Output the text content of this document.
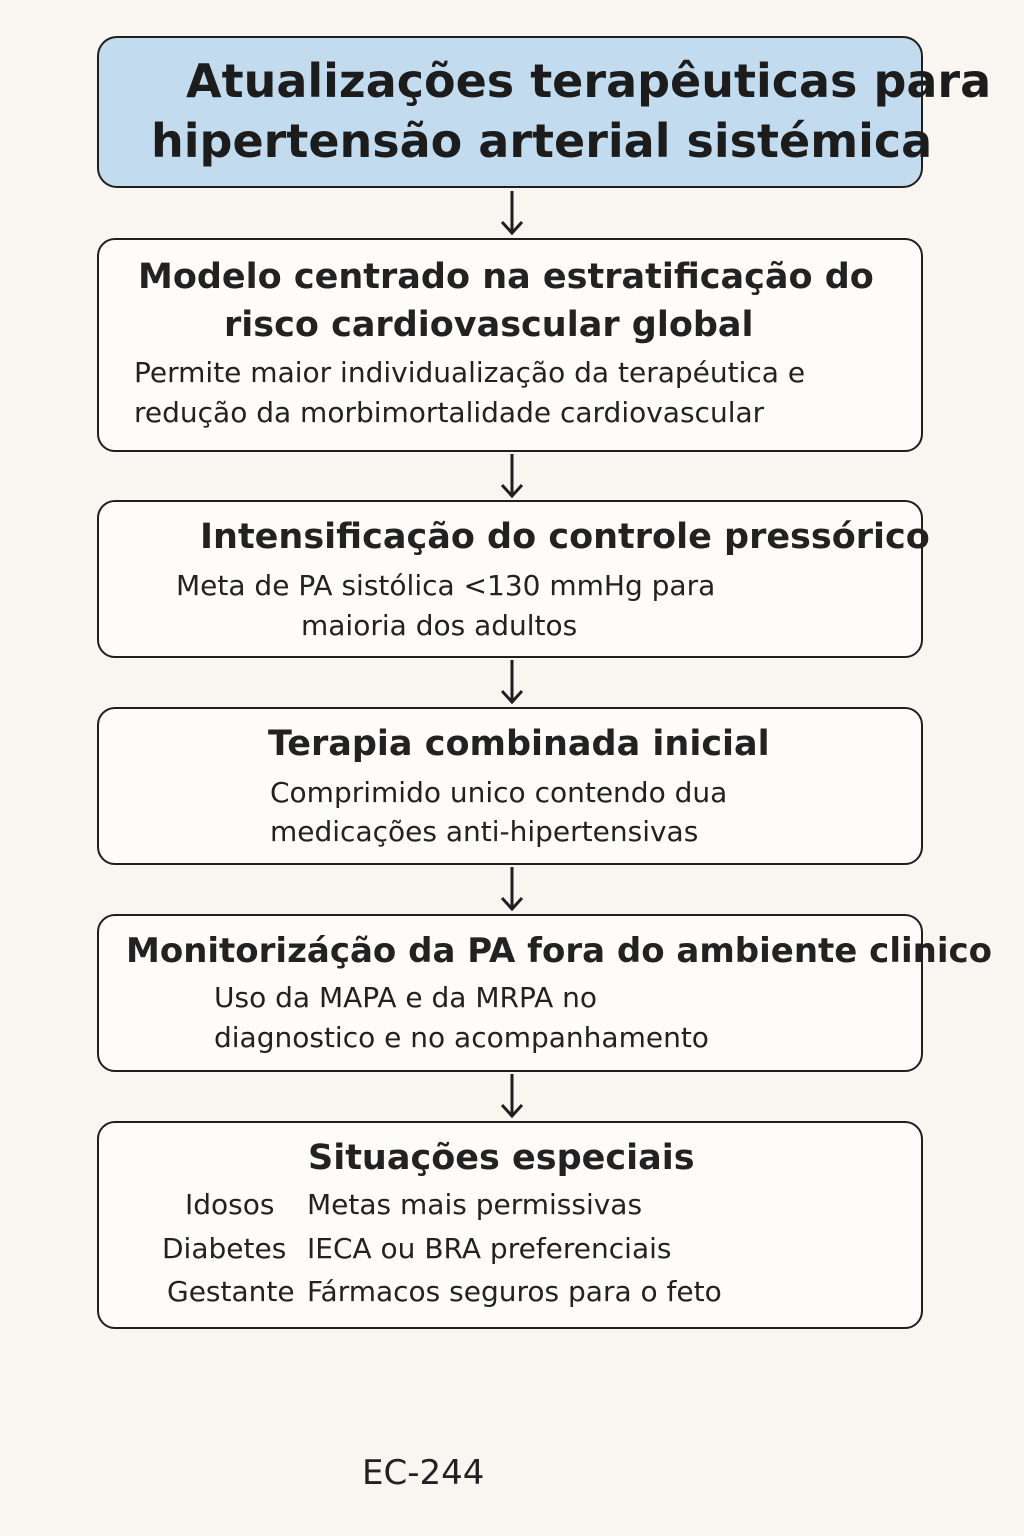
Atualizações terapêuticas para
hipertensão arterial sistémica
Modelo centrado na estratificação do
risco cardiovascular global
Permite maior individualização da terapéutica e
redução da morbimortalidade cardiovascular
Intensificação do controle pressórico
Meta de PA sistólica <130 mmHg para
maioria dos adultos
Terapia combinada inicial
Comprimido unico contendo dua
medicações anti-hipertensivas
Monitorizáção da PA fora do ambiente clinico
Uso da MAPA e da MRPA no
diagnostico e no acompanhamento
Situações especiais
Idosos Metas mais permissivas
Diabetes IECA ou BRA preferenciais
Gestante Fármacos seguros para o feto
EC-244
